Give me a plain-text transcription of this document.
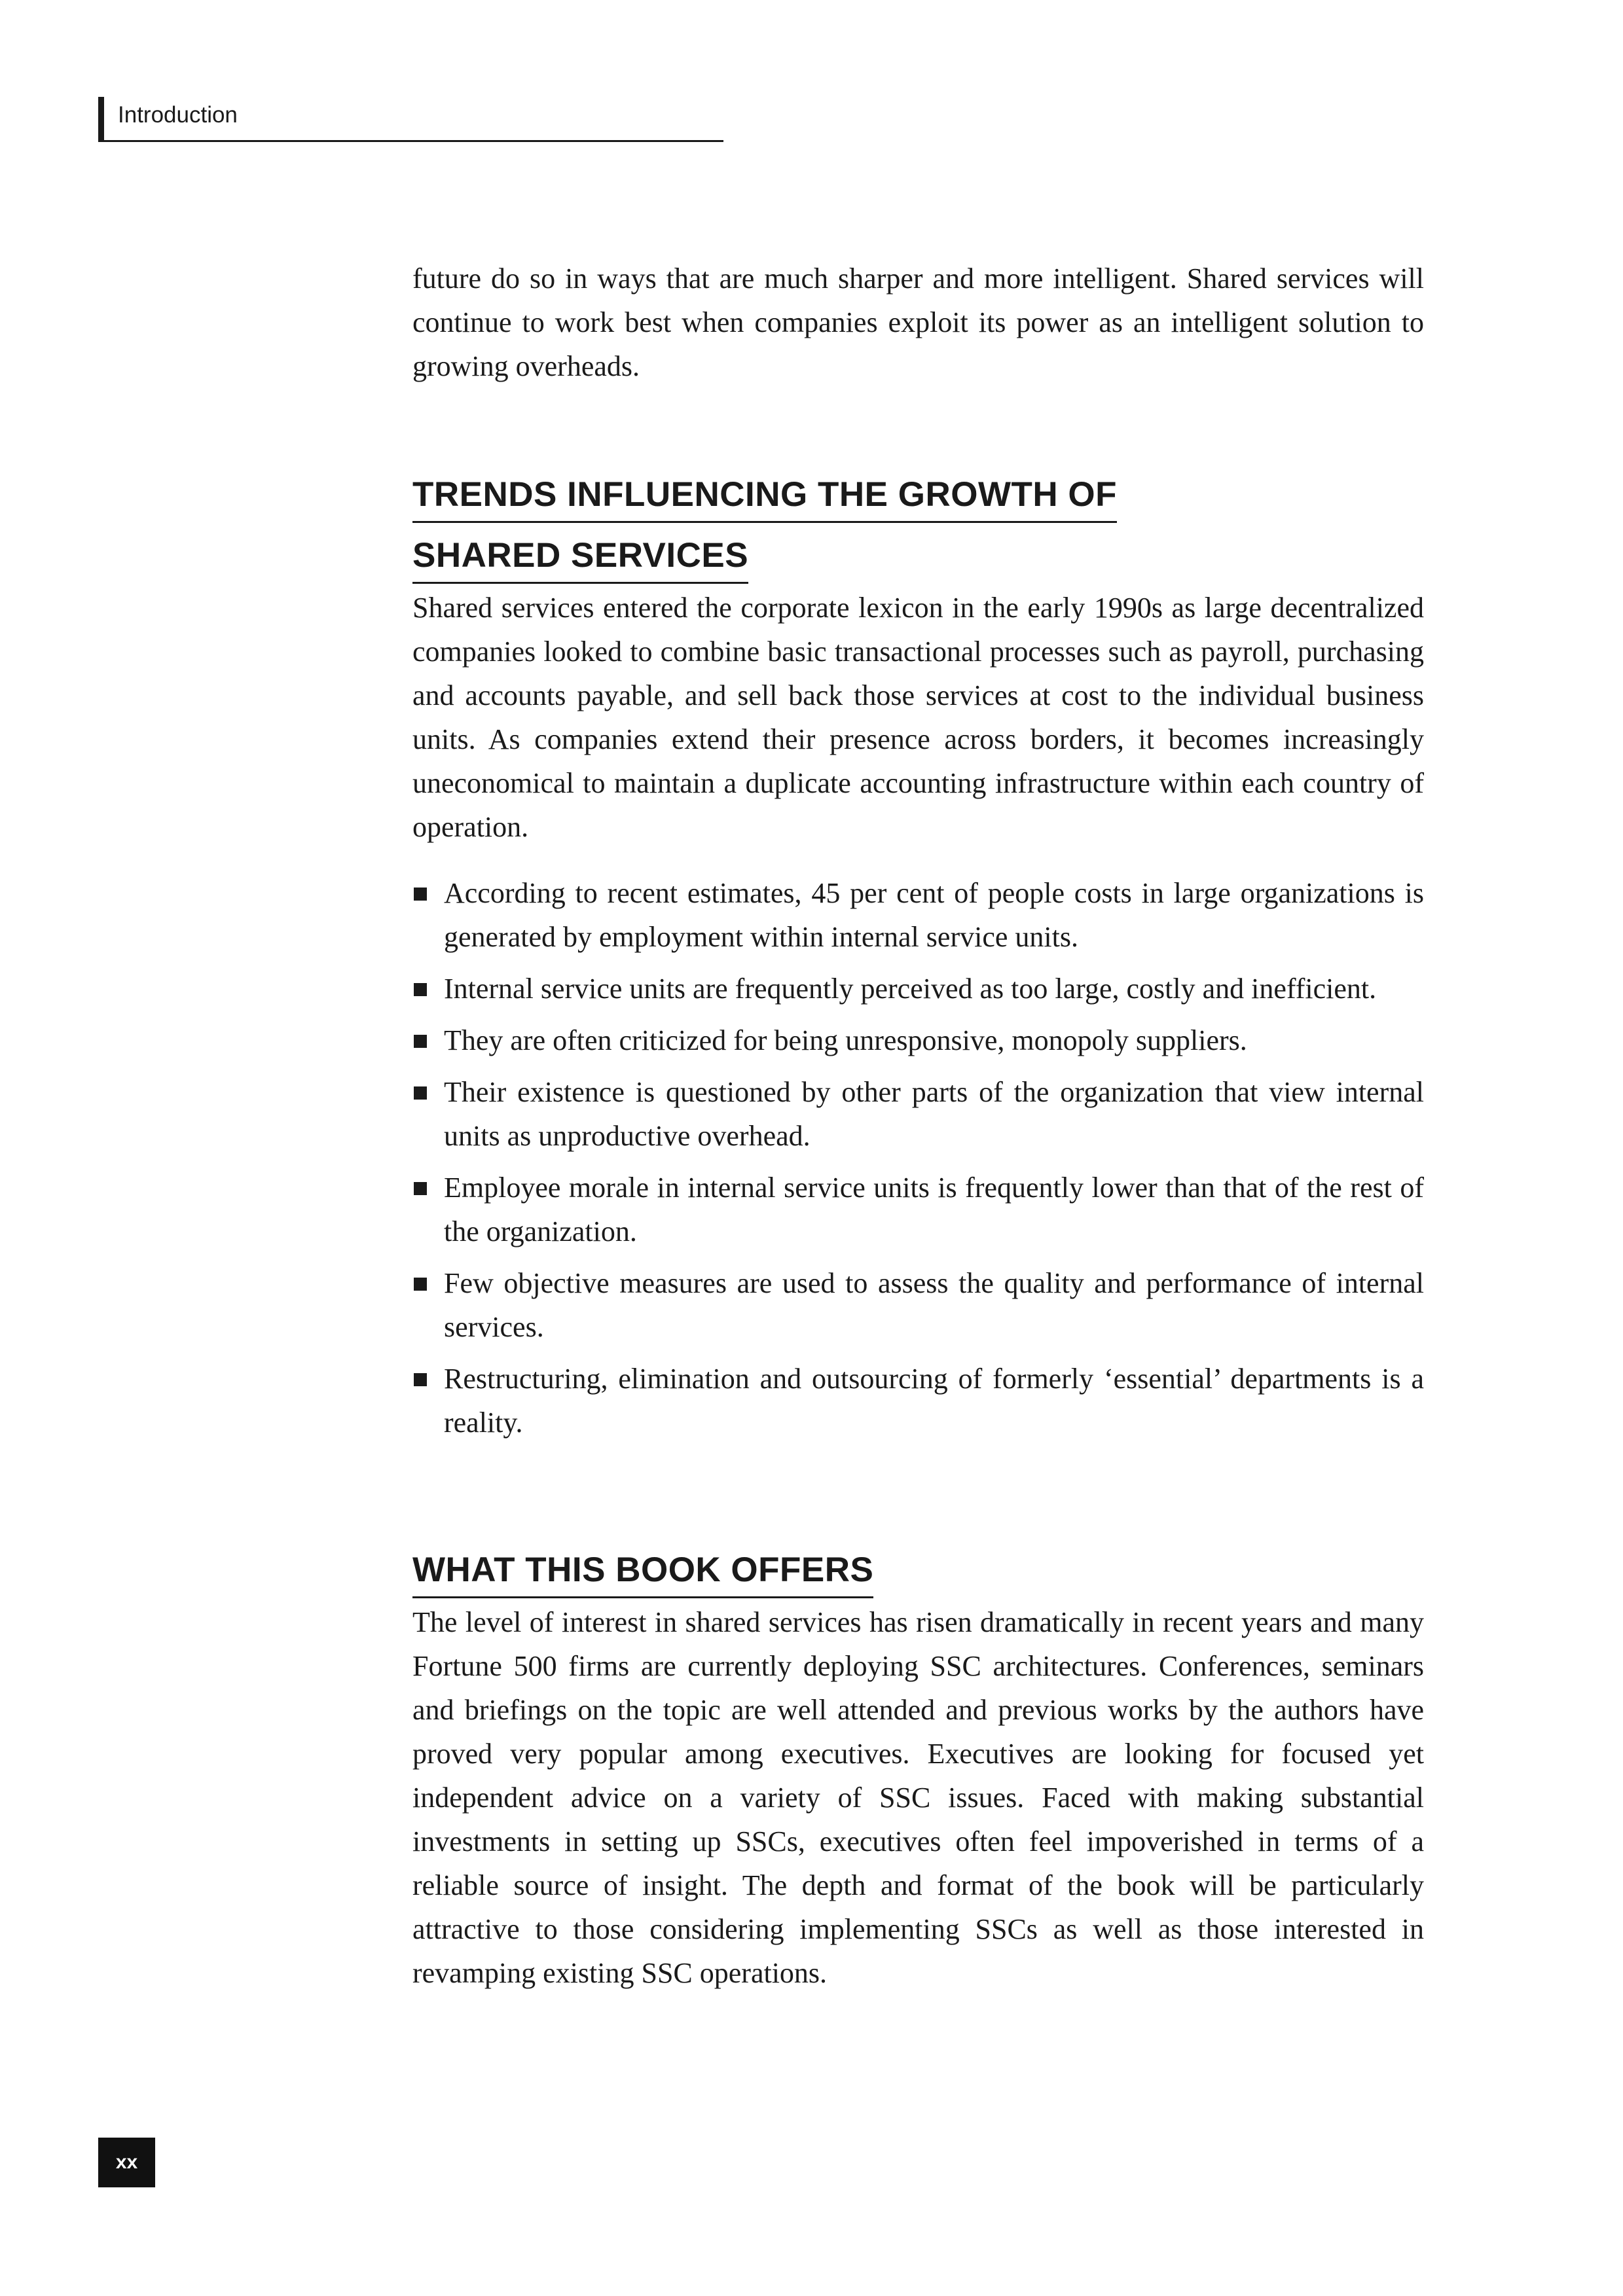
Introduction

future do so in ways that are much sharper and more intelligent. Shared services will continue to work best when companies exploit its power as an intelligent solution to growing overheads.

TRENDS INFLUENCING THE GROWTH OF
SHARED SERVICES

Shared services entered the corporate lexicon in the early 1990s as large decentralized companies looked to combine basic transactional processes such as payroll, purchasing and accounts payable, and sell back those services at cost to the individual business units. As companies extend their presence across borders, it becomes increasingly uneconomical to maintain a duplicate accounting infrastructure within each country of operation.

According to recent estimates, 45 per cent of people costs in large organizations is generated by employment within internal service units.
Internal service units are frequently perceived as too large, costly and inefficient.
They are often criticized for being unresponsive, monopoly suppliers.
Their existence is questioned by other parts of the organization that view internal units as unproductive overhead.
Employee morale in internal service units is frequently lower than that of the rest of the organization.
Few objective measures are used to assess the quality and performance of internal services.
Restructuring, elimination and outsourcing of formerly ‘essential’ departments is a reality.
WHAT THIS BOOK OFFERS

The level of interest in shared services has risen dramatically in recent years and many Fortune 500 firms are currently deploying SSC architectures. Conferences, seminars and briefings on the topic are well attended and previous works by the authors have proved very popular among executives. Executives are looking for focused yet independent advice on a variety of SSC issues. Faced with making substantial investments in setting up SSCs, executives often feel impoverished in terms of a reliable source of insight. The depth and format of the book will be particularly attractive to those considering implementing SSCs as well as those interested in revamping existing SSC operations.

xx
